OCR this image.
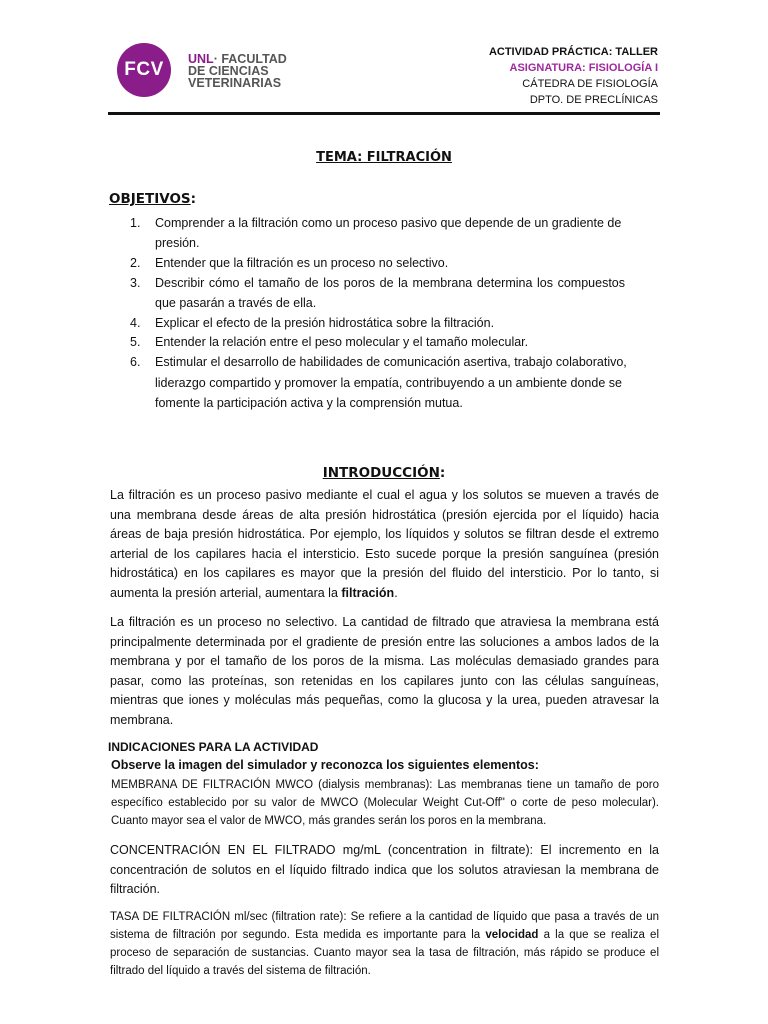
FCV UNL· FACULTAD
DE CIENCIAS
VETERINARIAS
ACTIVIDAD PRÁCTICA: TALLER
ASIGNATURA: FISIOLOGÍA I
CÁTEDRA DE FISIOLOGÍA
DPTO. DE PRECLÍNICAS
TEMA: FILTRACIÓN
OBJETIVOS:
1. Comprender a la filtración como un proceso pasivo que depende de un gradiente de presión.
2. Entender que la filtración es un proceso no selectivo.
3. Describir cómo el tamaño de los poros de la membrana determina los compuestos que pasarán a través de ella.
4. Explicar el efecto de la presión hidrostática sobre la filtración.
5. Entender la relación entre el peso molecular y el tamaño molecular.
6. Estimular el desarrollo de habilidades de comunicación asertiva, trabajo colaborativo, liderazgo compartido y promover la empatía, contribuyendo a un ambiente donde se fomente la participación activa y la comprensión mutua.
INTRODUCCIÓN:
La filtración es un proceso pasivo mediante el cual el agua y los solutos se mueven a través de una membrana desde áreas de alta presión hidrostática (presión ejercida por el líquido) hacia áreas de baja presión hidrostática. Por ejemplo, los líquidos y solutos se filtran desde el extremo arterial de los capilares hacia el intersticio. Esto sucede porque la presión sanguínea (presión hidrostática) en los capilares es mayor que la presión del fluido del intersticio. Por lo tanto, si aumenta la presión arterial, aumentara la filtración.
La filtración es un proceso no selectivo. La cantidad de filtrado que atraviesa la membrana está principalmente determinada por el gradiente de presión entre las soluciones a ambos lados de la membrana y por el tamaño de los poros de la misma. Las moléculas demasiado grandes para pasar, como las proteínas, son retenidas en los capilares junto con las células sanguíneas, mientras que iones y moléculas más pequeñas, como la glucosa y la urea, pueden atravesar la membrana.
INDICACIONES PARA LA ACTIVIDAD
Observe la imagen del simulador y reconozca los siguientes elementos:
MEMBRANA DE FILTRACIÓN MWCO (dialysis membranas): Las membranas tiene un tamaño de poro específico establecido por su valor de MWCO (Molecular Weight Cut-Off" o corte de peso molecular). Cuanto mayor sea el valor de MWCO, más grandes serán los poros en la membrana.
CONCENTRACIÓN EN EL FILTRADO mg/mL (concentration in filtrate): El incremento en la concentración de solutos en el líquido filtrado indica que los solutos atraviesan la membrana de filtración.
TASA DE FILTRACIÓN ml/sec (filtration rate): Se refiere a la cantidad de líquido que pasa a través de un sistema de filtración por segundo. Esta medida es importante para la velocidad a la que se realiza el proceso de separación de sustancias. Cuanto mayor sea la tasa de filtración, más rápido se produce el filtrado del líquido a través del sistema de filtración.
